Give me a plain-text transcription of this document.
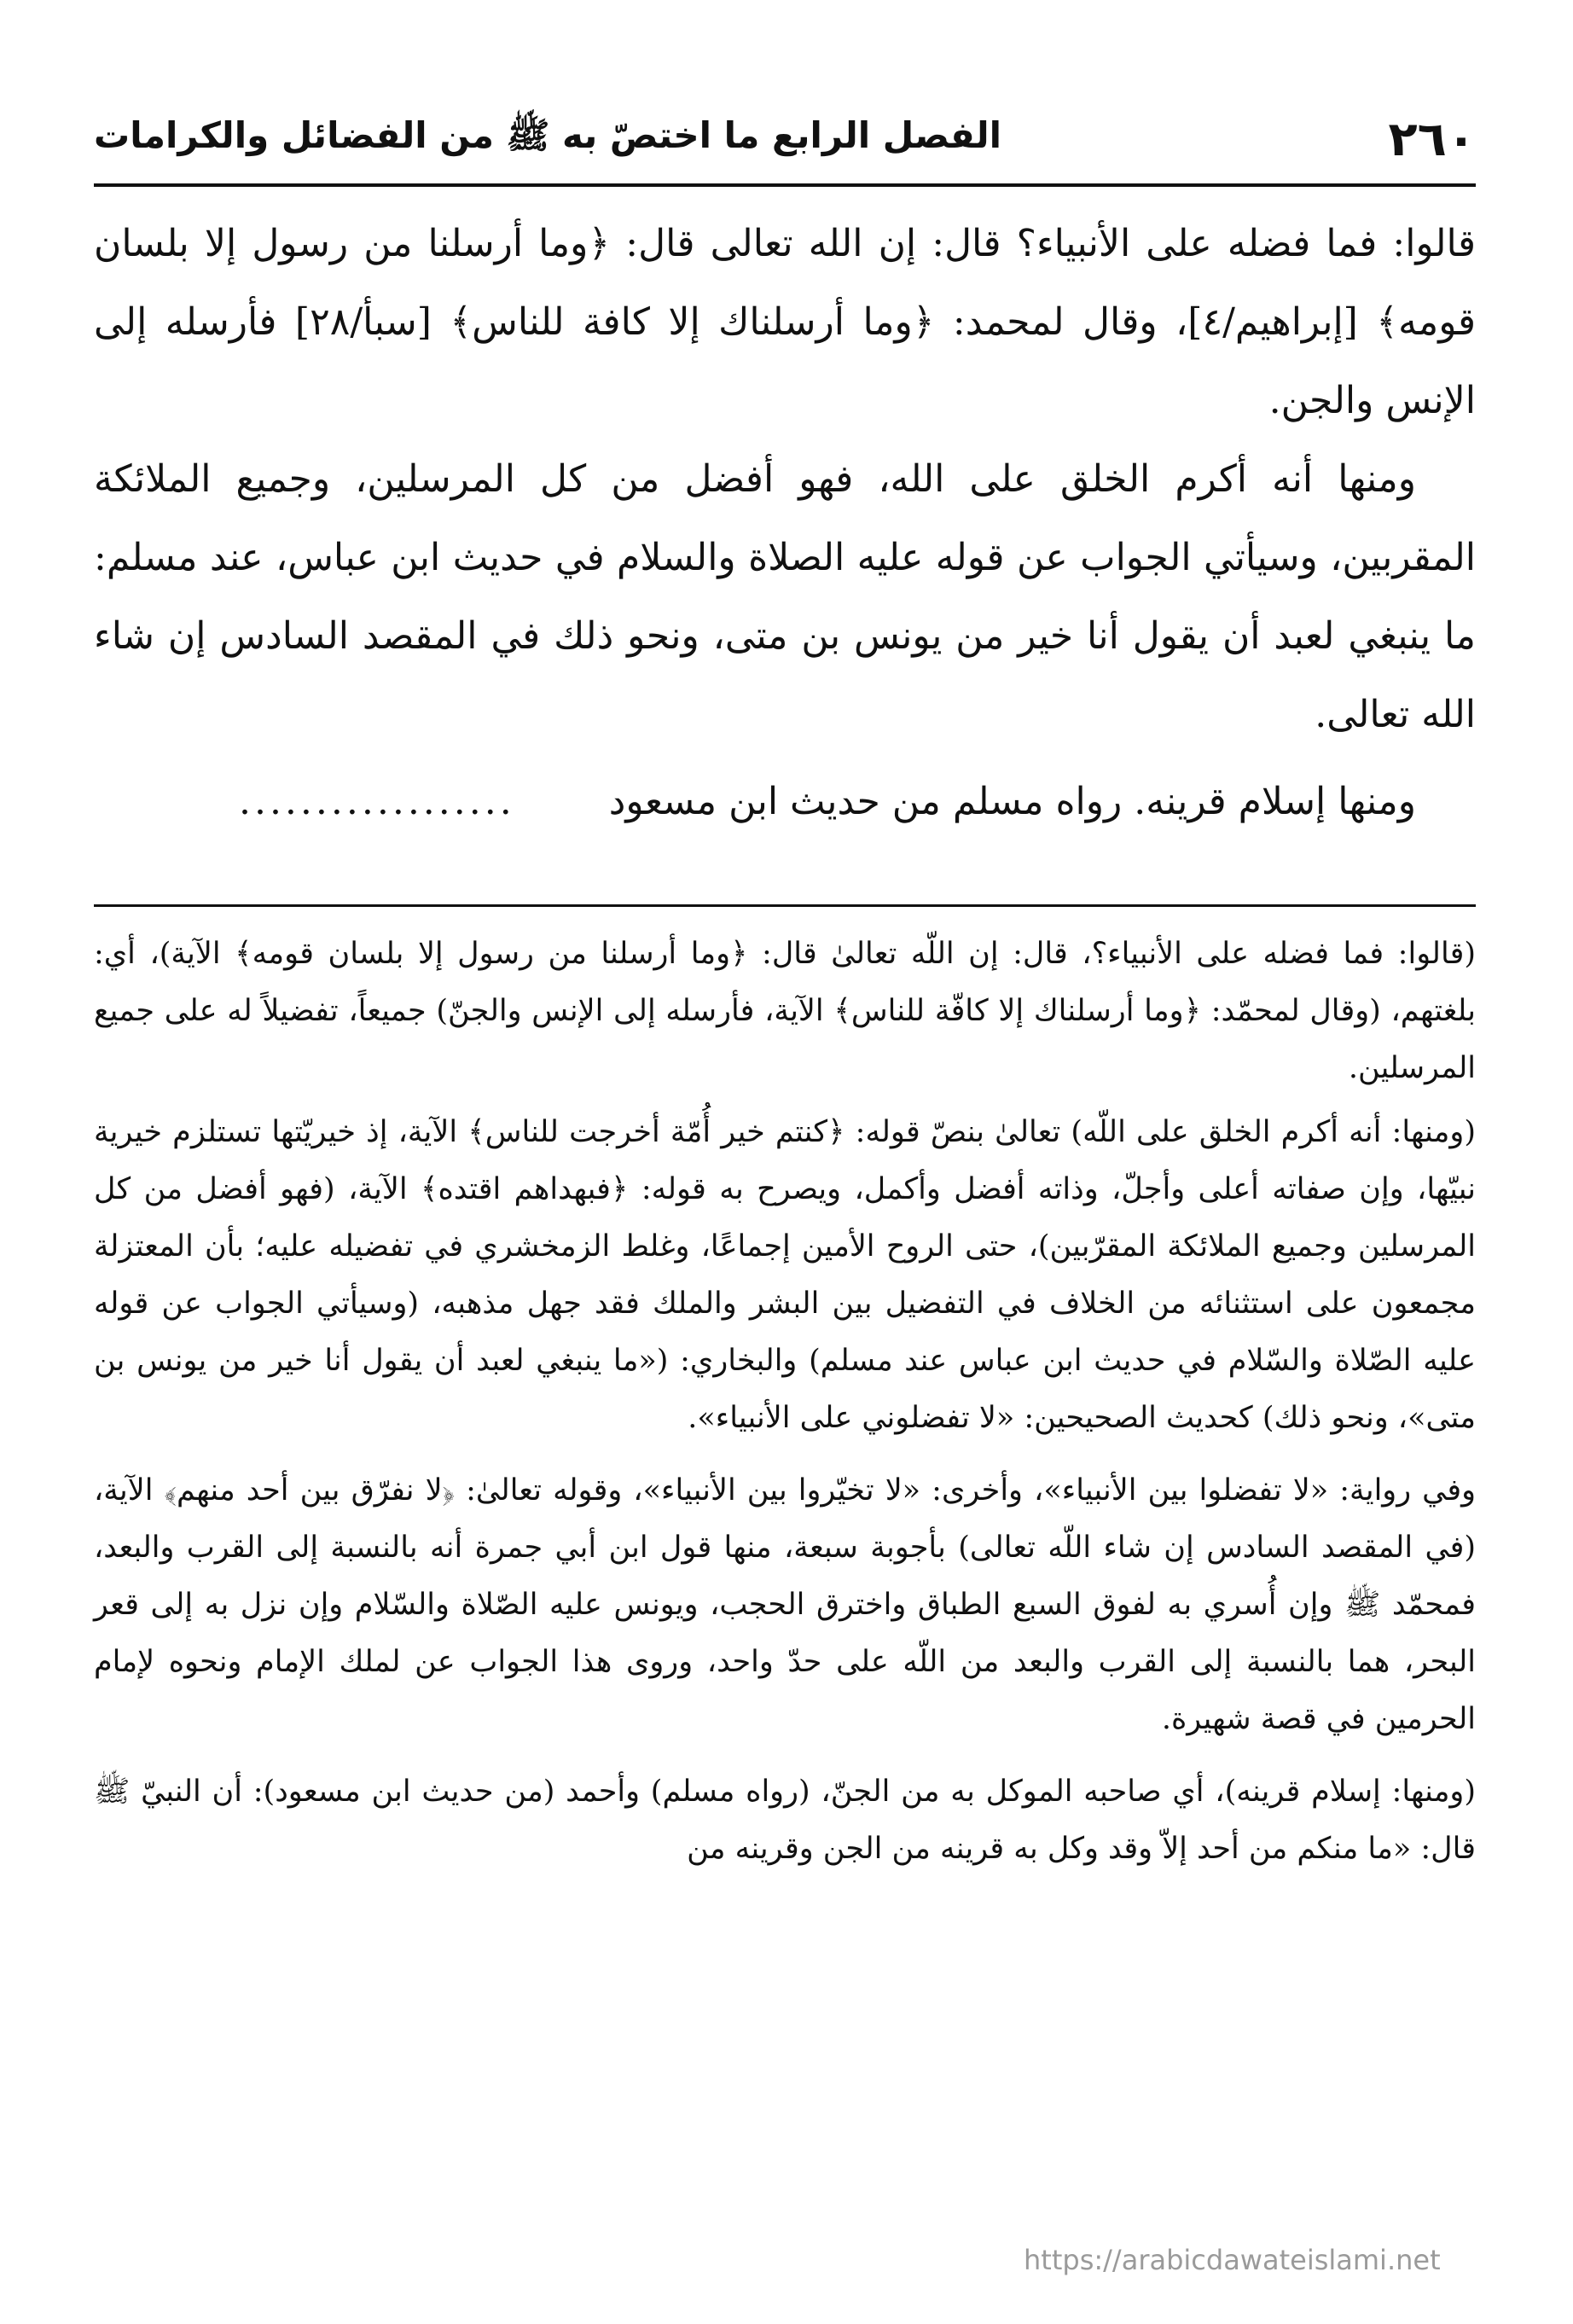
٢٦٠
الفصل الرابع ما اختصّ به ﷺ من الفضائل والكرامات

قالوا: فما فضله على الأنبياء؟ قال: إن الله تعالى قال: ﴿وما أرسلنا من رسول إلا بلسان قومه﴾ [إبراهيم/٤]، وقال لمحمد: ﴿وما أرسلناك إلا كافة للناس﴾ [سبأ/٢٨] فأرسله إلى الإنس والجن.

ومنها أنه أكرم الخلق على الله، فهو أفضل من كل المرسلين، وجميع الملائكة المقربين، وسيأتي الجواب عن قوله عليه الصلاة والسلام في حديث ابن عباس، عند مسلم: ما ينبغي لعبد أن يقول أنا خير من يونس بن متى، ونحو ذلك في المقصد السادس إن شاء الله تعالى.

ومنها إسلام قرينه. رواه مسلم من حديث ابن مسعود..................

(قالوا: فما فضله على الأنبياء؟، قال: إن اللّه تعالىٰ قال: ﴿وما أرسلنا من رسول إلا بلسان قومه﴾ الآية)، أي: بلغتهم، (وقال لمحمّد: ﴿وما أرسلناك إلا كافّة للناس﴾ الآية، فأرسله إلى الإنس والجنّ) جميعاً، تفضيلاً له على جميع المرسلين.

(ومنها: أنه أكرم الخلق على اللّه) تعالىٰ بنصّ قوله: ﴿كنتم خير أُمّة أخرجت للناس﴾ الآية، إذ خيريّتها تستلزم خيرية نبيّها، وإن صفاته أعلى وأجلّ، وذاته أفضل وأكمل، ويصرح به قوله: ﴿فبهداهم اقتده﴾ الآية، (فهو أفضل من كل المرسلين وجميع الملائكة المقرّبين)، حتى الروح الأمين إجماعًا، وغلط الزمخشري في تفضيله عليه؛ بأن المعتزلة مجمعون على استثنائه من الخلاف في التفضيل بين البشر والملك فقد جهل مذهبه، (وسيأتي الجواب عن قوله عليه الصّلاة والسّلام في حديث ابن عباس عند مسلم) والبخاري: («ما ينبغي لعبد أن يقول أنا خير من يونس بن متى»، ونحو ذلك) كحديث الصحيحين: «لا تفضلوني على الأنبياء».

وفي رواية: «لا تفضلوا بين الأنبياء»، وأخرى: «لا تخيّروا بين الأنبياء»، وقوله تعالىٰ: ﴿لا نفرّق بين أحد منهم﴾ الآية، (في المقصد السادس إن شاء اللّه تعالى) بأجوبة سبعة، منها قول ابن أبي جمرة أنه بالنسبة إلى القرب والبعد، فمحمّد ﷺ وإن أُسري به لفوق السبع الطباق واخترق الحجب، ويونس عليه الصّلاة والسّلام وإن نزل به إلى قعر البحر، هما بالنسبة إلى القرب والبعد من اللّه على حدّ واحد، وروى هذا الجواب عن لملك الإمام ونحوه لإمام الحرمين في قصة شهيرة.

(ومنها: إسلام قرينه)، أي صاحبه الموكل به من الجنّ، (رواه مسلم) وأحمد (من حديث ابن مسعود): أن النبيّ ﷺ قال: «ما منكم من أحد إلاّ وقد وكل به قرينه من الجن وقرينه من

https://arabicdawateislami.net
